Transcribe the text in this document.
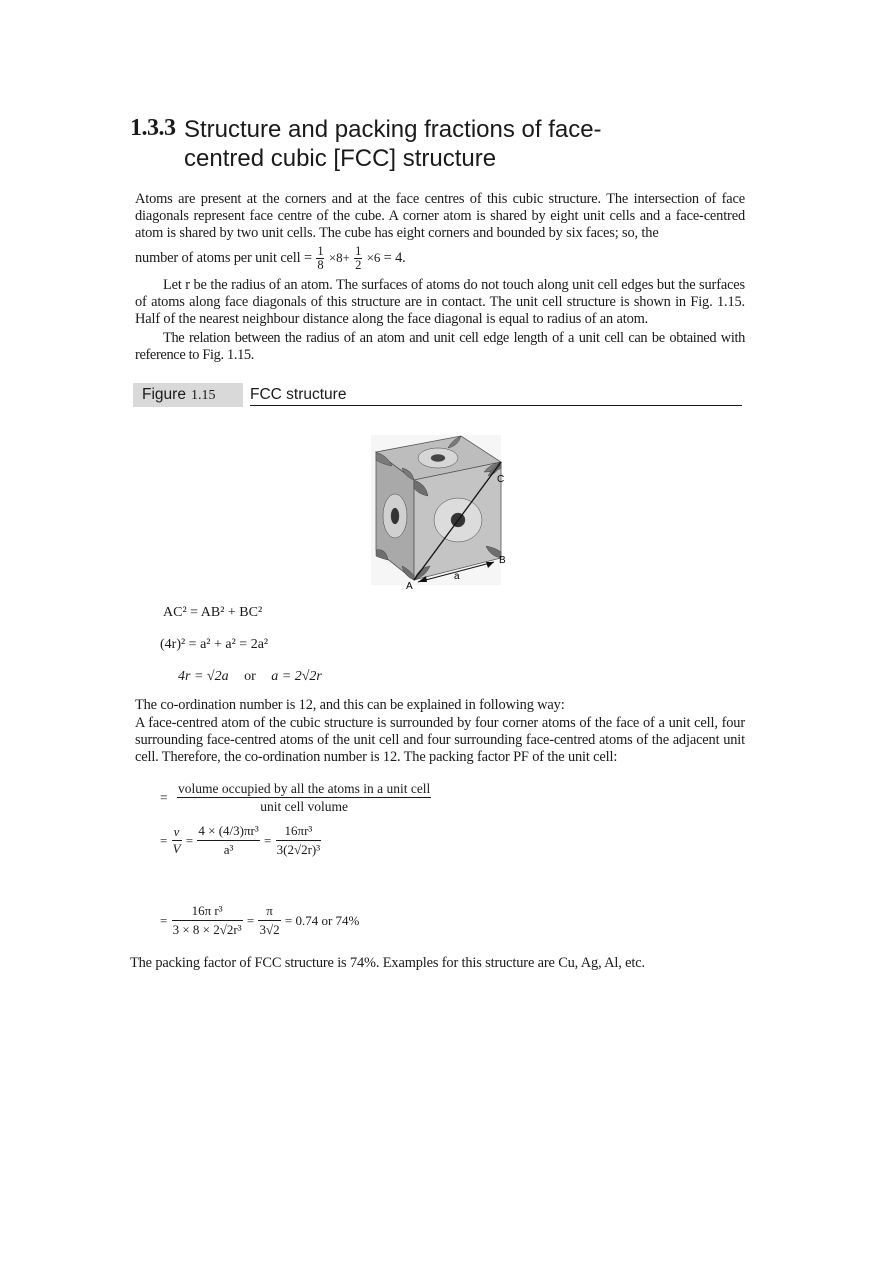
1.3.3 Structure and packing fractions of face-
centred cubic [FCC] structure
Atoms are present at the corners and at the face centres of this cubic structure. The intersection of face diagonals represent face centre of the cube. A corner atom is shared by eight unit cells and a face-centred atom is shared by two unit cells. The cube has eight corners and bounded by six faces; so, the
number of atoms per unit cell = $\frac{1}{8} \times 8+ \frac{1}{2} \times 6 = 4$.
Let r be the radius of an atom. The surfaces of atoms do not touch along unit cell edges but the surfaces of atoms along face diagonals of this structure are in contact. The unit cell structure is shown in Fig. 1.15. Half of the nearest neighbour distance along the face diagonal is equal to radius of an atom.
The relation between the radius of an atom and unit cell edge length of a unit cell can be obtained with reference to Fig. 1.15.
Figure 1.15	FCC structure
A
B
C
a
AC² = AB² + BC²
(4r)² = a² + a² = 2a²
4r = √2a or a = 2√2r
The co-ordination number is 12, and this can be explained in following way:
A face-centred atom of the cubic structure is surrounded by four corner atoms of the face of a unit cell, four surrounding face-centred atoms of the unit cell and four surrounding face-centred atoms of the adjacent unit cell. Therefore, the co-ordination number is 12. The packing factor PF of the unit cell:
= $\frac{\text{volume occupied by all the atoms in a unit cell}}{\text{unit cell volume}}$
= $\frac{v}{V} = \frac{\text{4 × (4/3)πr³}}{\text{a³}} = \frac{\text{16πr³}}{\text{3(2√2r)³}}$
= $\frac{\text{16π r³}}{\text{3 × 8 × 2√2r³}} = \frac{\pi}{3√2} = 0.74$ or 74%
The packing factor of FCC structure is 74%. Examples for this structure are Cu, Ag, Al, etc.
